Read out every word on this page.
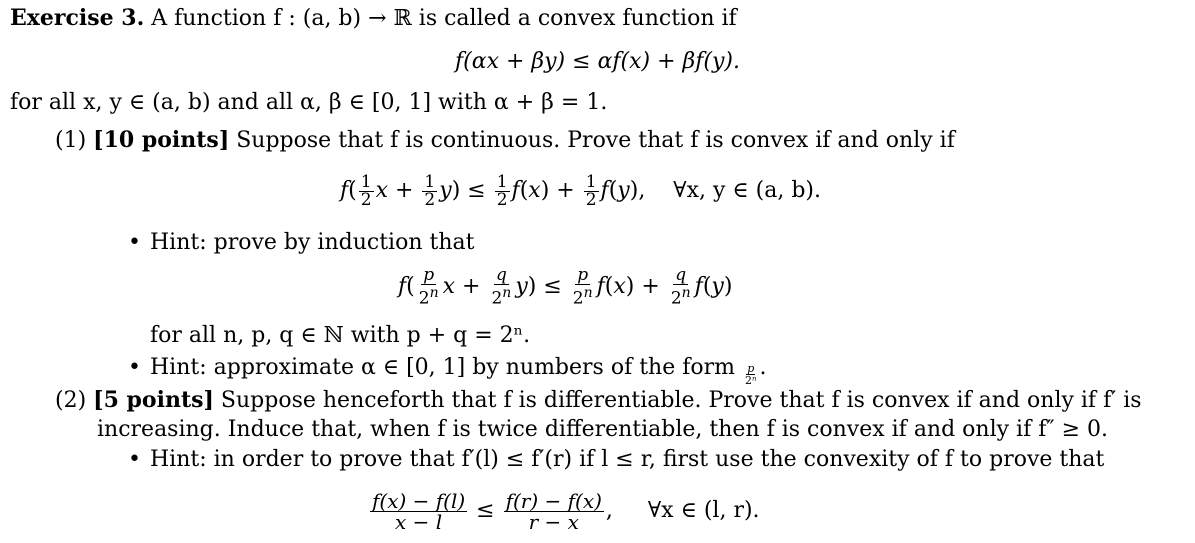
Exercise 3. A function f : (a, b) → ℝ is called a convex function if
f(αx + βy) ≤ αf(x) + βf(y).
for all x, y ∈ (a, b) and all α, β ∈ [0, 1] with α + β = 1.
(1) [10 points] Suppose that f is continuous. Prove that f is convex if and only if
f ( $\frac{1}{2}$ $x + \frac{1}{2}$ y ) ≤ $\frac{1}{2}$ f ( x ) + $\frac{1}{2}$ f ( y ), ∀x, y ∈ (a, b).
• Hint: prove by induction that
f ( $\frac{p}{2^n}$ $x + \frac{q}{2^n}$ y ) ≤ $\frac{p}{2^n}$ f ( x ) + $\frac{q}{2^n}$ f ( y )
for all n, p, q ∈ ℕ with p + q = 2ⁿ.
• Hint: approximate α ∈ [0, 1] by numbers of the form $\frac{p}{\text{2ⁿ}}$ .
(2) [5 points] Suppose henceforth that f is differentiable. Prove that f is convex if and only if f′ is
increasing. Induce that, when f is twice differentiable, then f is convex if and only if f″ ≥ 0.
• Hint: in order to prove that f′(l) ≤ f′(r) if l ≤ r, first use the convexity of f to prove that
$\frac{f(x) - f(l)}{x - l} \le \frac{f(r) - f(x)}{r - x}$ , ∀x ∈ (l, r).
